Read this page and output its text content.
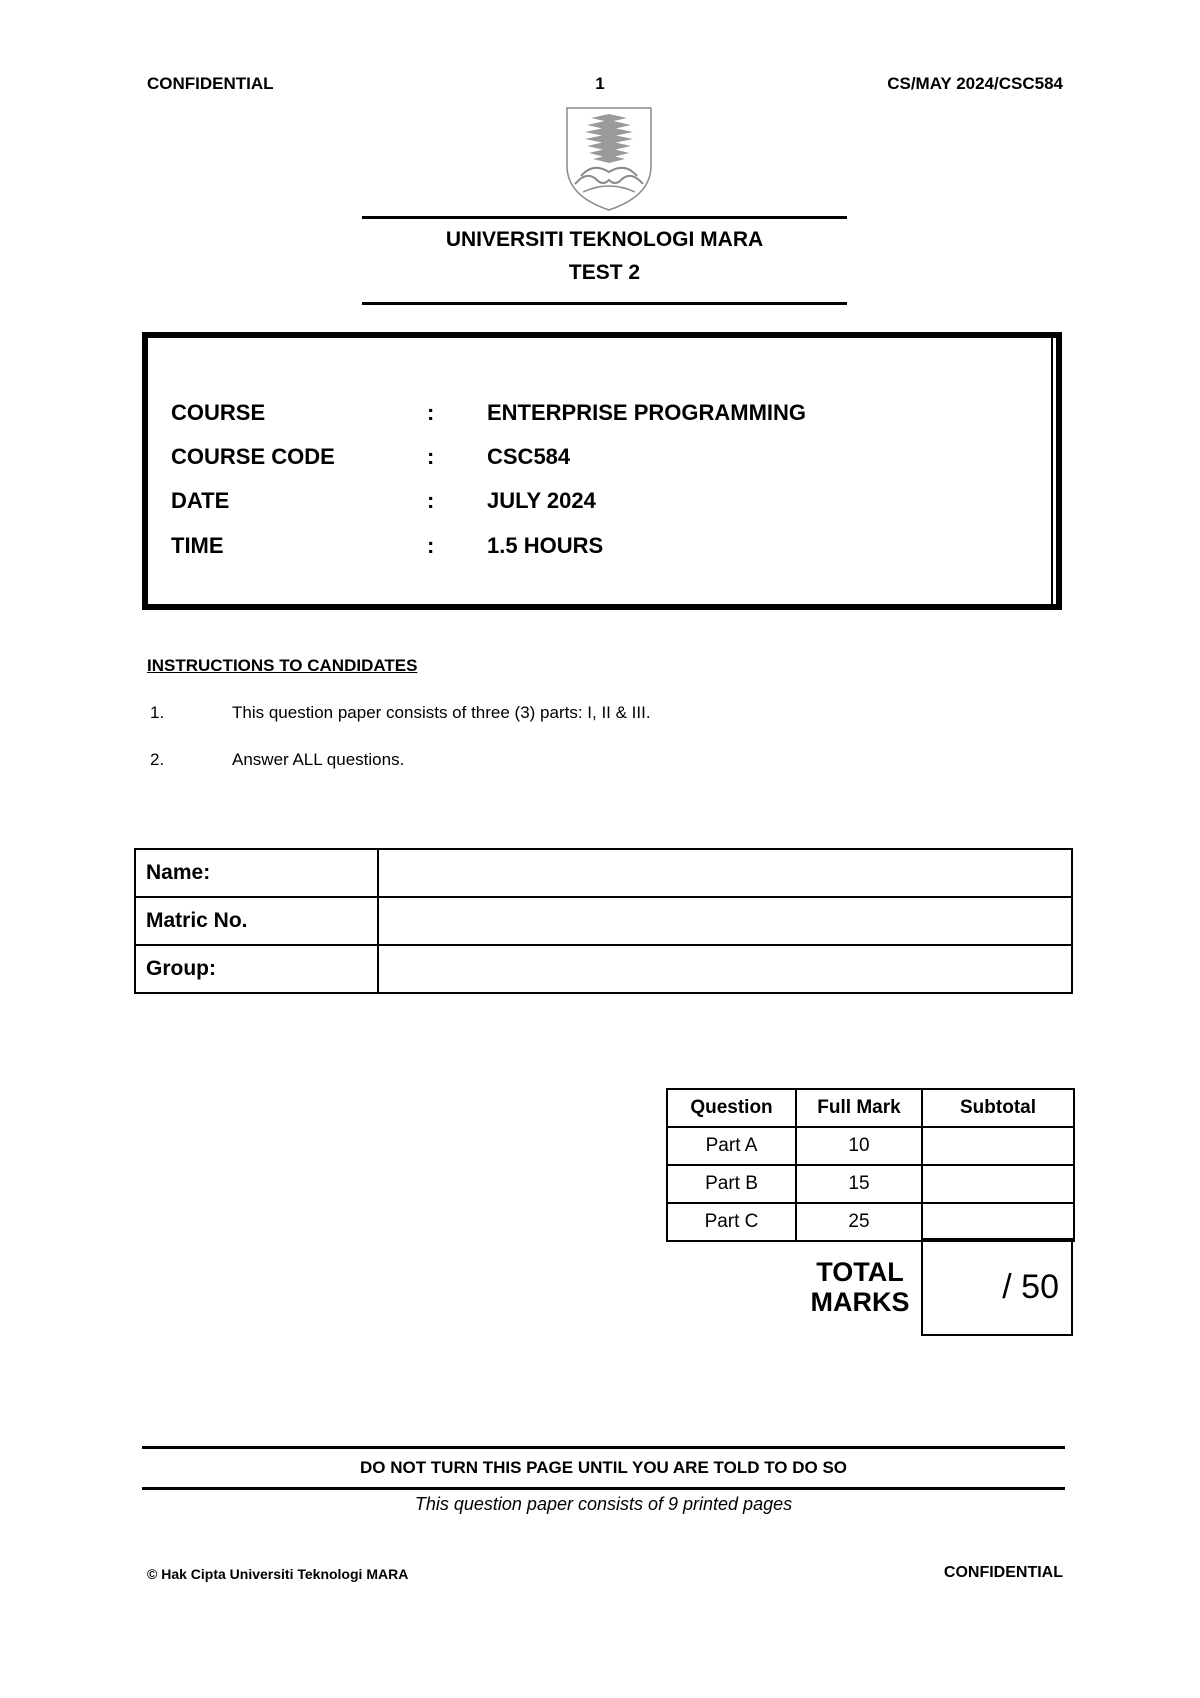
CONFIDENTIAL	1	CS/MAY 2024/CSC584
UNIVERSITI TEKNOLOGI MARA
TEST 2
COURSE	: ENTERPRISE PROGRAMMING
COURSE CODE	: CSC584
DATE	: JULY 2024
TIME	: 1.5 HOURS
INSTRUCTIONS TO CANDIDATES
1.	This question paper consists of three (3) parts: I, II & III.
2.	Answer ALL questions.
Name:	
Matric No.	
Group:	
Question	Full Mark	Subtotal
Part A	10	
Part B	15	
Part C	25	
TOTAL
MARKS	/ 50
DO NOT TURN THIS PAGE UNTIL YOU ARE TOLD TO DO SO
This question paper consists of 9 printed pages
© Hak Cipta Universiti Teknologi MARA	CONFIDENTIAL
